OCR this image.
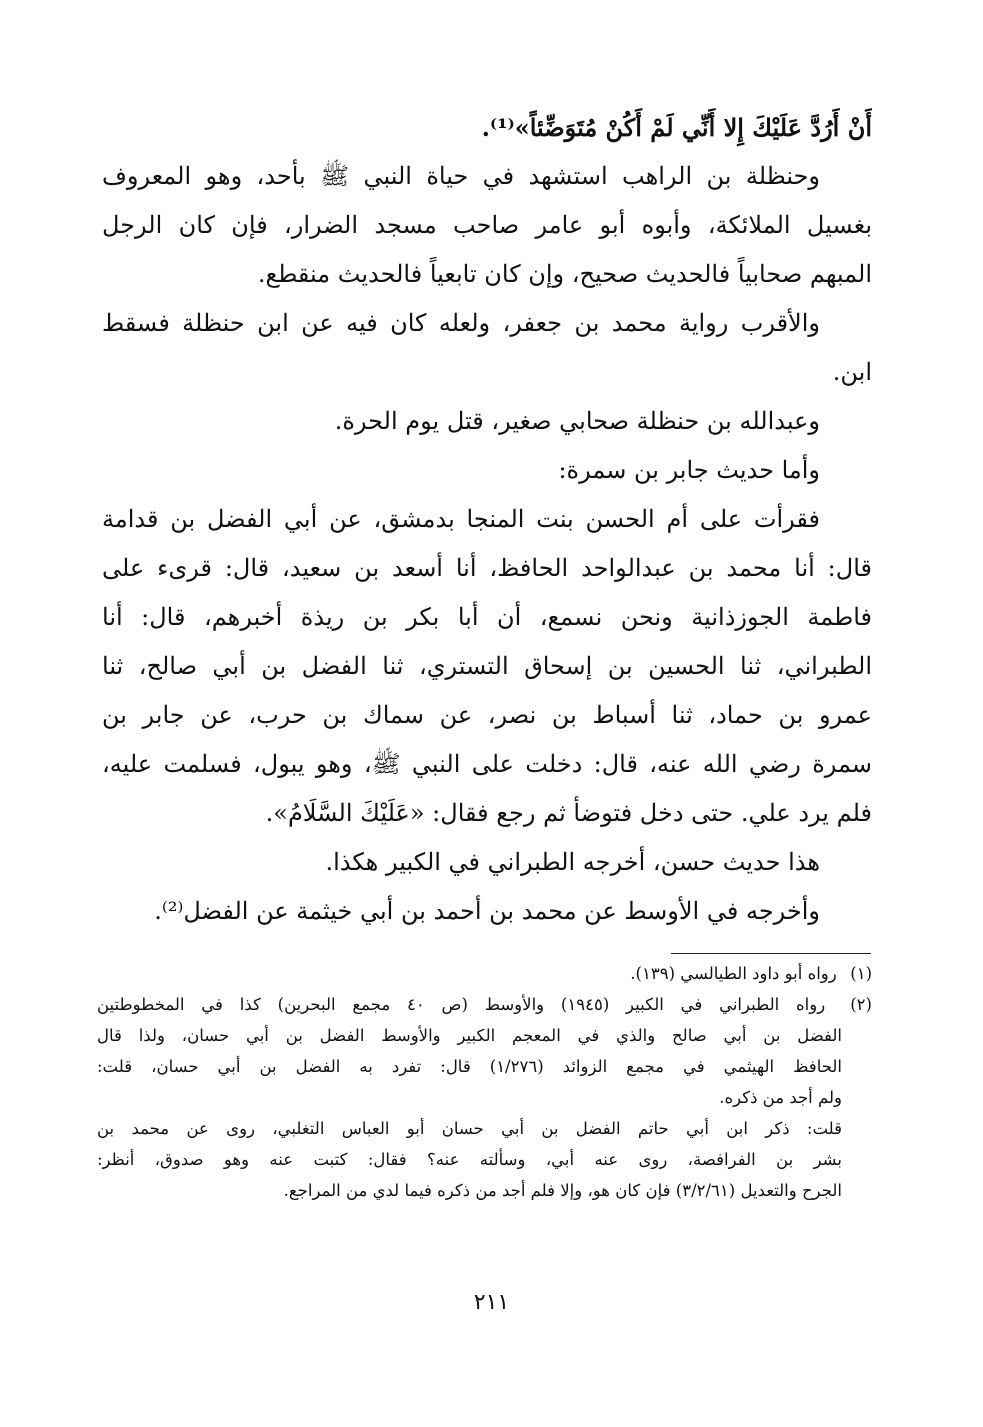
أَنْ أَرُدَّ عَلَيْكَ إِلا أَنِّي لَمْ أَكُنْ مُتَوَضِّئاً»⁽¹⁾.
وحنظلة بن الراهب استشهد في حياة النبي ﷺ بأحد، وهو المعروف
بغسيل الملائكة، وأبوه أبو عامر صاحب مسجد الضرار، فإن كان الرجل
المبهم صحابياً فالحديث صحيح، وإن كان تابعياً فالحديث منقطع.
والأقرب رواية محمد بن جعفر، ولعله كان فيه عن ابن حنظلة فسقط
ابن.
وعبدالله بن حنظلة صحابي صغير، قتل يوم الحرة.
وأما حديث جابر بن سمرة:
فقرأت على أم الحسن بنت المنجا بدمشق، عن أبي الفضل بن قدامة
قال: أنا محمد بن عبدالواحد الحافظ، أنا أسعد بن سعيد، قال: قرىء على
فاطمة الجوزذانية ونحن نسمع، أن أبا بكر بن ريذة أخبرهم، قال: أنا
الطبراني، ثنا الحسين بن إسحاق التستري، ثنا الفضل بن أبي صالح، ثنا
عمرو بن حماد، ثنا أسباط بن نصر، عن سماك بن حرب، عن جابر بن
سمرة رضي الله عنه، قال: دخلت على النبي ﷺ، وهو يبول، فسلمت عليه،
فلم يرد علي. حتى دخل فتوضأ ثم رجع فقال: «عَلَيْكَ السَّلَامُ».
هذا حديث حسن، أخرجه الطبراني في الكبير هكذا.
وأخرجه في الأوسط عن محمد بن أحمد بن أبي خيثمة عن الفضل⁽²⁾.
(١) رواه أبو داود الطيالسي (١٣٩).
(٢) رواه الطبراني في الكبير (١٩٤٥) والأوسط (ص ٤٠ مجمع البحرين) كذا في المخطوطتين
الفضل بن أبي صالح والذي في المعجم الكبير والأوسط الفضل بن أبي حسان، ولذا قال
الحافظ الهيثمي في مجمع الزوائد (١/٢٧٦) قال: تفرد به الفضل بن أبي حسان، قلت:
ولم أجد من ذكره.
قلت: ذكر ابن أبي حاتم الفضل بن أبي حسان أبو العباس التغلبي، روى عن محمد بن
بشر بن الفرافصة، روى عنه أبي، وسألته عنه؟ فقال: كتبت عنه وهو صدوق، أنظر:
الجرح والتعديل (٣/٢/٦١) فإن كان هو، وإلا فلم أجد من ذكره فيما لدي من المراجع.
٢١١
